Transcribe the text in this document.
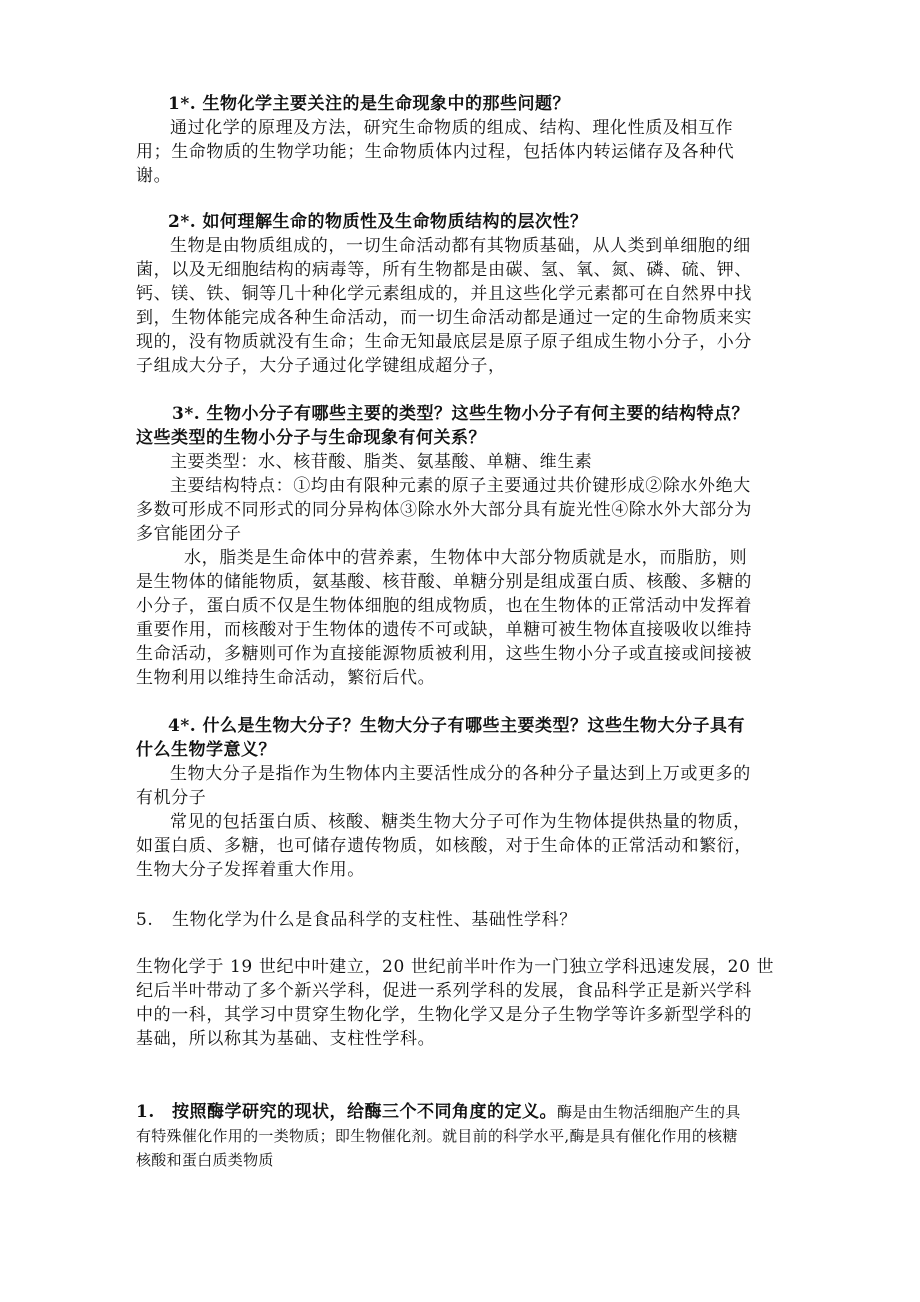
1*. 生物化学主要关注的是生命现象中的那些问题？
通过化学的原理及方法，研究生命物质的组成、结构、理化性质及相互作
用；生命物质的生物学功能；生命物质体内过程，包括体内转运储存及各种代
谢。
2*. 如何理解生命的物质性及生命物质结构的层次性？
生物是由物质组成的，一切生命活动都有其物质基础，从人类到单细胞的细
菌，以及无细胞结构的病毒等，所有生物都是由碳、氢、氧、氮、磷、硫、钾、
钙、镁、铁、铜等几十种化学元素组成的，并且这些化学元素都可在自然界中找
到，生物体能完成各种生命活动，而一切生命活动都是通过一定的生命物质来实
现的，没有物质就没有生命；生命无知最底层是原子原子组成生物小分子，小分
子组成大分子，大分子通过化学键组成超分子，
3*. 生物小分子有哪些主要的类型？这些生物小分子有何主要的结构特点？
这些类型的生物小分子与生命现象有何关系？
主要类型：水、核苷酸、脂类、氨基酸、单糖、维生素
主要结构特点：①均由有限种元素的原子主要通过共价键形成②除水外绝大
多数可形成不同形式的同分异构体③除水外大部分具有旋光性④除水外大部分为
多官能团分子
水，脂类是生命体中的营养素，生物体中大部分物质就是水，而脂肪，则
是生物体的储能物质，氨基酸、核苷酸、单糖分别是组成蛋白质、核酸、多糖的
小分子，蛋白质不仅是生物体细胞的组成物质，也在生物体的正常活动中发挥着
重要作用，而核酸对于生物体的遗传不可或缺，单糖可被生物体直接吸收以维持
生命活动，多糖则可作为直接能源物质被利用，这些生物小分子或直接或间接被
生物利用以维持生命活动，繁衍后代。
4*. 什么是生物大分子？生物大分子有哪些主要类型？这些生物大分子具有
什么生物学意义？
生物大分子是指作为生物体内主要活性成分的各种分子量达到上万或更多的
有机分子
常见的包括蛋白质、核酸、糖类生物大分子可作为生物体提供热量的物质，
如蛋白质、多糖，也可储存遗传物质，如核酸，对于生命体的正常活动和繁衍，
生物大分子发挥着重大作用。
5.	生物化学为什么是食品科学的支柱性、基础性学科？
生物化学于 19 世纪中叶建立，20 世纪前半叶作为一门独立学科迅速发展，20 世
纪后半叶带动了多个新兴学科，促进一系列学科的发展，食品科学正是新兴学科
中的一科，其学习中贯穿生物化学，生物化学又是分子生物学等许多新型学科的
基础，所以称其为基础、支柱性学科。
1.	按照酶学研究的现状，给酶三个不同角度的定义。 酶是由生物活细胞产生的具
有特殊催化作用的一类物质；即生物催化剂。就目前的科学水平,酶是具有催化作用的核糖
核酸和蛋白质类物质
